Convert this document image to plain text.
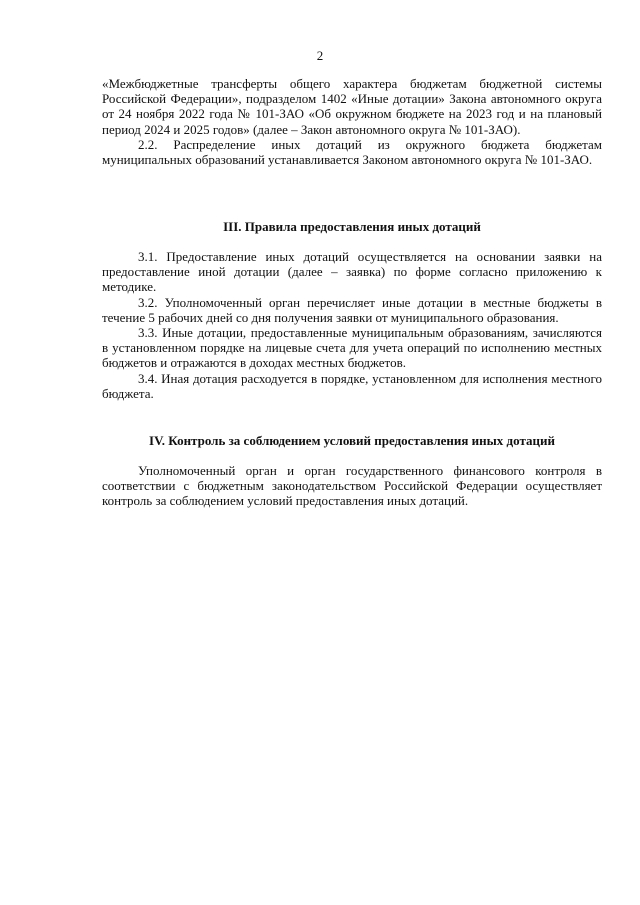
2

«Межбюджетные трансферты общего характера бюджетам бюджетной системы Российской Федерации», подразделом 1402 «Иные дотации» Закона автономного округа от 24 ноября 2022 года № 101-ЗАО «Об окружном бюджете на 2023 год и на плановый период 2024 и 2025 годов» (далее – Закон автономного округа № 101-ЗАО).

2.2. Распределение иных дотаций из окружного бюджета бюджетам муниципальных образований устанавливается Законом автономного округа № 101-ЗАО.

III. Правила предоставления иных дотаций

3.1. Предоставление иных дотаций осуществляется на основании заявки на предоставление иной дотации (далее – заявка) по форме согласно приложению к методике.

3.2. Уполномоченный орган перечисляет иные дотации в местные бюджеты в течение 5 рабочих дней со дня получения заявки от муниципального образования.

3.3. Иные дотации, предоставленные муниципальным образованиям, зачисляются в установленном порядке на лицевые счета для учета операций по исполнению местных бюджетов и отражаются в доходах местных бюджетов.

3.4. Иная дотация расходуется в порядке, установленном для исполнения местного бюджета.

IV. Контроль за соблюдением условий предоставления иных дотаций

Уполномоченный орган и орган государственного финансового контроля в соответствии с бюджетным законодательством Российской Федерации осуществляет контроль за соблюдением условий предоставления иных дотаций.
